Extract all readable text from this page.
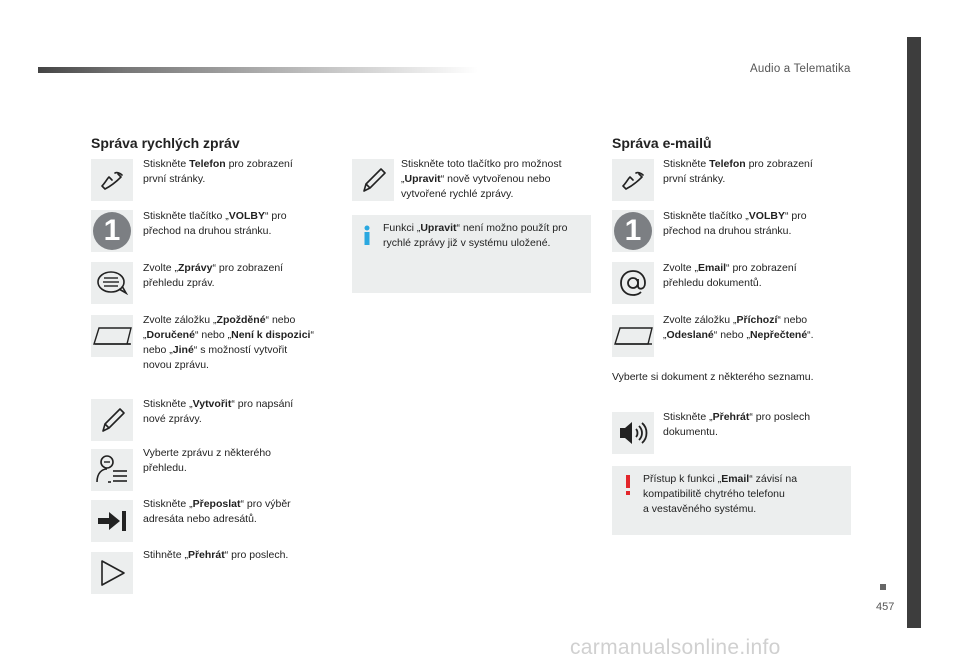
Audio a Telematika
457
carmanualsonline.info
Správa rychlých zpráv
Stiskněte Telefon pro zobrazení
první stránky.
1	Stiskněte tlačítko „VOLBY“ pro
přechod na druhou stránku.
Zvolte „Zprávy“ pro zobrazení
přehledu zpráv.
Zvolte záložku „Zpožděné“ nebo
„Doručené“ nebo „Není k dispozici“
nebo „Jiné“ s možností vytvořit
novou zprávu.
Stiskněte „Vytvořit“ pro napsání
nové zprávy.
Vyberte zprávu z některého
přehledu.
Stiskněte „Přeposlat“ pro výběr
adresáta nebo adresátů.
Stihněte „Přehrát“ pro poslech.
Stiskněte toto tlačítko pro možnost
„Upravit“ nově vytvořenou nebo
vytvořené rychlé zprávy.
Funkci „Upravit“ není možno použít pro
rychlé zprávy již v systému uložené.
Správa e-mailů
Stiskněte Telefon pro zobrazení
první stránky.
1	Stiskněte tlačítko „VOLBY“ pro
přechod na druhou stránku.
Zvolte „Email“ pro zobrazení
přehledu dokumentů.
Zvolte záložku „Příchozí“ nebo
„Odeslané“ nebo „Nepřečtené“.
Vyberte si dokument z některého seznamu.
Stiskněte „Přehrát“ pro poslech
dokumentu.
Přístup k funkci „Email“ závisí na
kompatibilitě chytrého telefonu
a vestavěného systému.
